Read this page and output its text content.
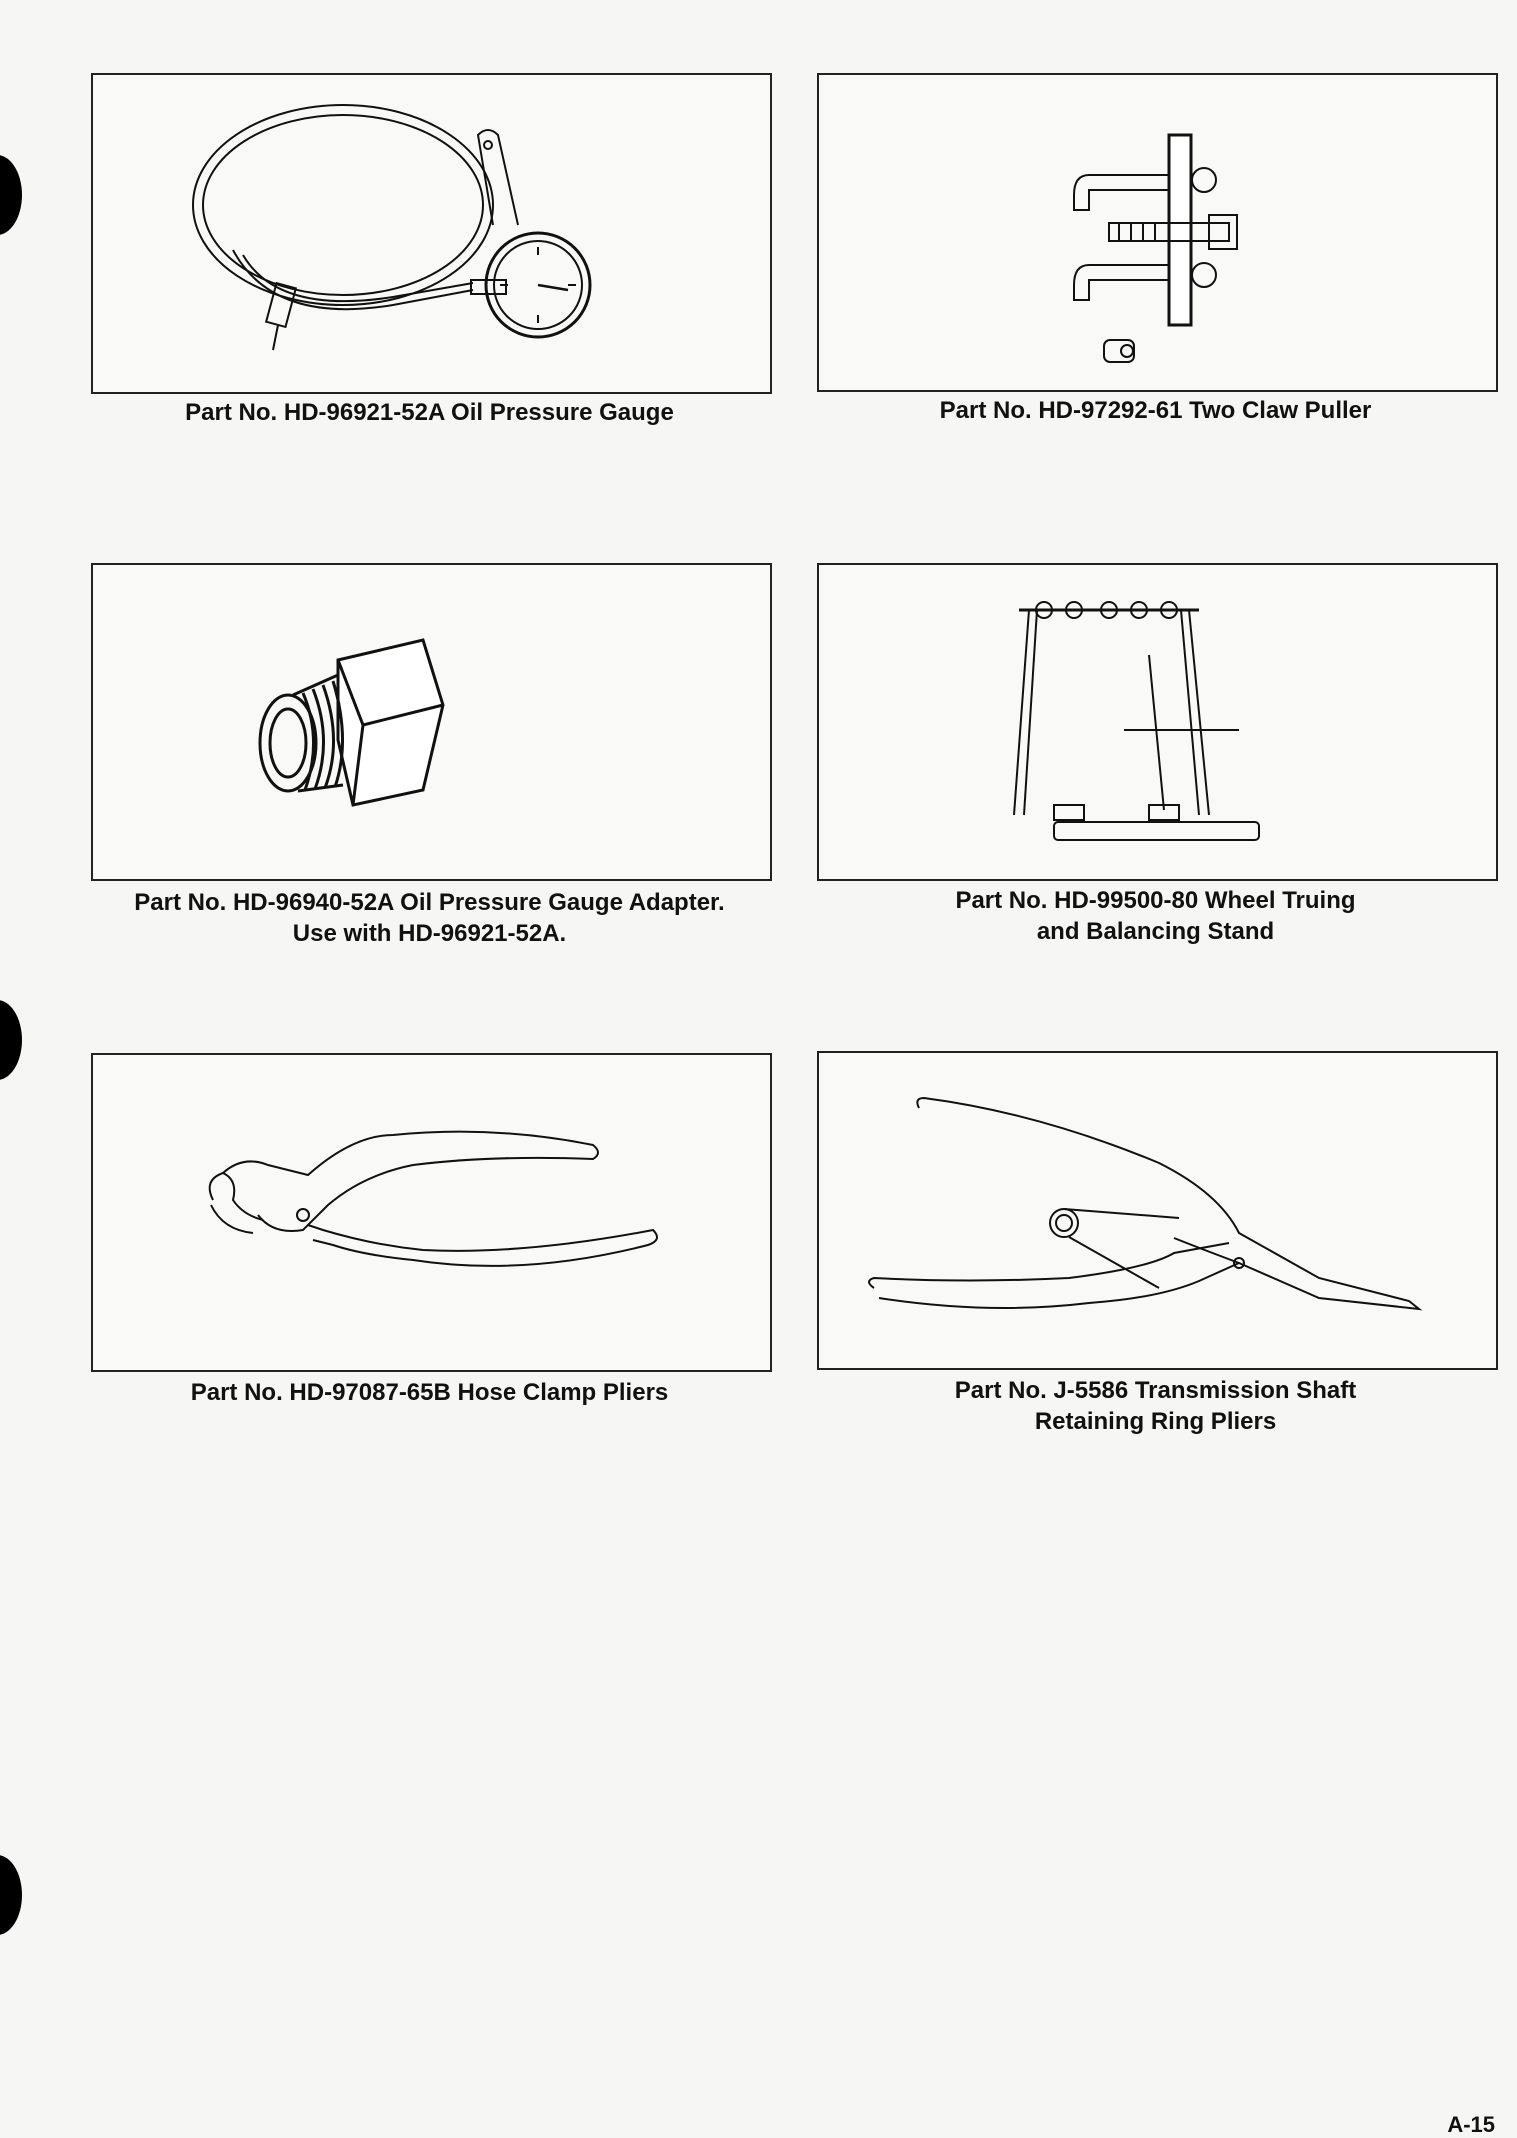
Part No. HD-96921-52A Oil Pressure Gauge	Part No. HD-97292-61 Two Claw Puller
Part No. HD-96940-52A Oil Pressure Gauge Adapter.
Use with HD-96921-52A.
Part No. HD-99500-80 Wheel Truing
and Balancing Stand
Part No. HD-97087-65B Hose Clamp Pliers	Part No. J-5586 Transmission Shaft
Retaining Ring Pliers
A-15
